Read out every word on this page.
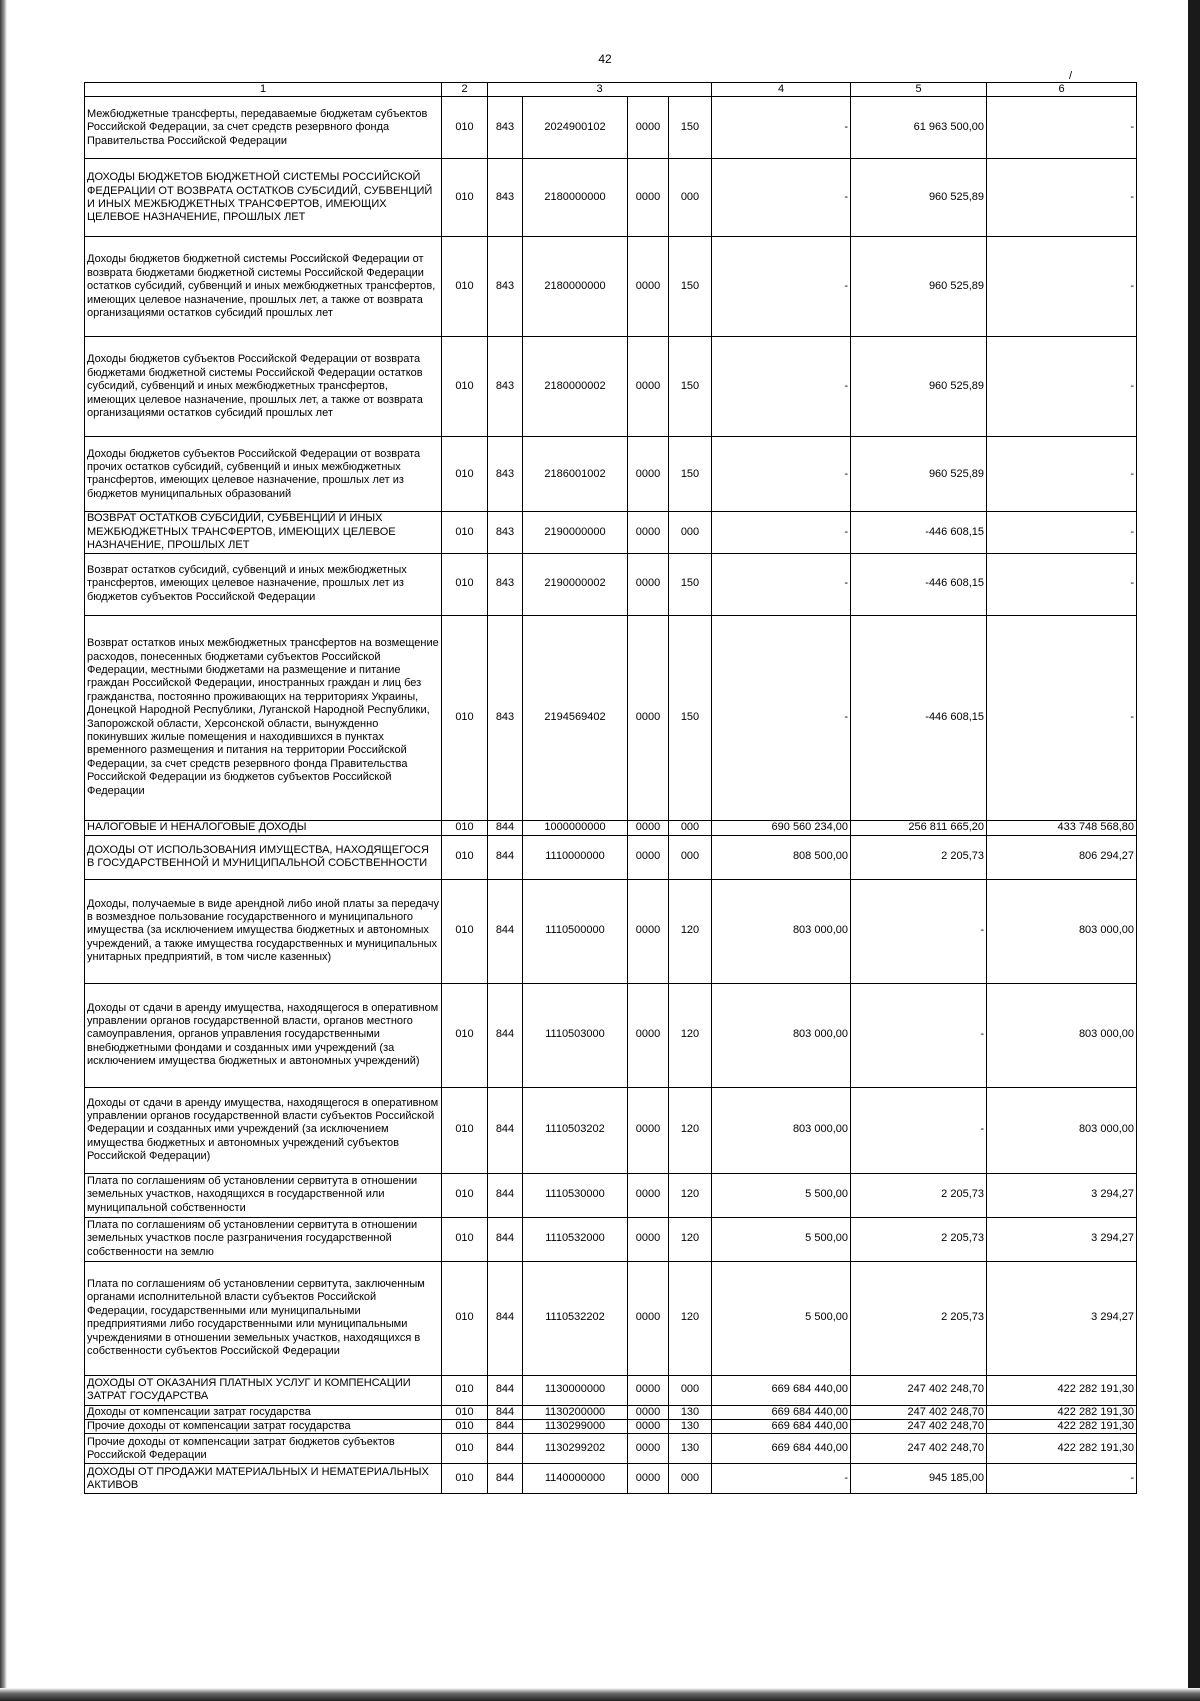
42
/
1	2	3				4	5	6
Межбюджетные трансферты, передаваемые бюджетам субъектов Российской Федерации, за счет средств резервного фонда Правительства Российской Федерации	010	843	2024900102	0000	150	-	61 963 500,00	-
ДОХОДЫ БЮДЖЕТОВ БЮДЖЕТНОЙ СИСТЕМЫ РОССИЙСКОЙ ФЕДЕРАЦИИ ОТ ВОЗВРАТА ОСТАТКОВ СУБСИДИЙ, СУБВЕНЦИЙ И ИНЫХ МЕЖБЮДЖЕТНЫХ ТРАНСФЕРТОВ, ИМЕЮЩИХ ЦЕЛЕВОЕ НАЗНАЧЕНИЕ, ПРОШЛЫХ ЛЕТ	010	843	2180000000	0000	000	-	960 525,89	-
Доходы бюджетов бюджетной системы Российской Федерации от возврата бюджетами бюджетной системы Российской Федерации остатков субсидий, субвенций и иных межбюджетных трансфертов, имеющих целевое назначение, прошлых лет, а также от возврата организациями остатков субсидий прошлых лет	010	843	2180000000	0000	150	-	960 525,89	-
Доходы бюджетов субъектов Российской Федерации от возврата бюджетами бюджетной системы Российской Федерации остатков субсидий, субвенций и иных межбюджетных трансфертов, имеющих целевое назначение, прошлых лет, а также от возврата организациями остатков субсидий прошлых лет	010	843	2180000002	0000	150	-	960 525,89	-
Доходы бюджетов субъектов Российской Федерации от возврата прочих остатков субсидий, субвенций и иных межбюджетных трансфертов, имеющих целевое назначение, прошлых лет из бюджетов муниципальных образований	010	843	2186001002	0000	150	-	960 525,89	-
ВОЗВРАТ ОСТАТКОВ СУБСИДИЙ, СУБВЕНЦИЙ И ИНЫХ МЕЖБЮДЖЕТНЫХ ТРАНСФЕРТОВ, ИМЕЮЩИХ ЦЕЛЕВОЕ НАЗНАЧЕНИЕ, ПРОШЛЫХ ЛЕТ	010	843	2190000000	0000	000	-	-446 608,15	-
Возврат остатков субсидий, субвенций и иных межбюджетных трансфертов, имеющих целевое назначение, прошлых лет из бюджетов субъектов Российской Федерации	010	843	2190000002	0000	150	-	-446 608,15	-
Возврат остатков иных межбюджетных трансфертов на возмещение расходов, понесенных бюджетами субъектов Российской Федерации, местными бюджетами на размещение и питание граждан Российской Федерации, иностранных граждан и лиц без гражданства, постоянно проживающих на территориях Украины, Донецкой Народной Республики, Луганской Народной Республики, Запорожской области, Херсонской области, вынужденно покинувших жилые помещения и находившихся в пунктах временного размещения и питания на территории Российской Федерации, за счет средств резервного фонда Правительства Российской Федерации из бюджетов субъектов Российской Федерации	010	843	2194569402	0000	150	-	-446 608,15	-
НАЛОГОВЫЕ И НЕНАЛОГОВЫЕ ДОХОДЫ	010	844	1000000000	0000	000	690 560 234,00	256 811 665,20	433 748 568,80
ДОХОДЫ ОТ ИСПОЛЬЗОВАНИЯ ИМУЩЕСТВА, НАХОДЯЩЕГОСЯ В ГОСУДАРСТВЕННОЙ И МУНИЦИПАЛЬНОЙ СОБСТВЕННОСТИ	010	844	1110000000	0000	000	808 500,00	2 205,73	806 294,27
Доходы, получаемые в виде арендной либо иной платы за передачу в возмездное пользование государственного и муниципального имущества (за исключением имущества бюджетных и автономных учреждений, а также имущества государственных и муниципальных унитарных предприятий, в том числе казенных)	010	844	1110500000	0000	120	803 000,00	-	803 000,00
Доходы от сдачи в аренду имущества, находящегося в оперативном управлении органов государственной власти, органов местного самоуправления, органов управления государственными внебюджетными фондами и созданных ими учреждений (за исключением имущества бюджетных и автономных учреждений)	010	844	1110503000	0000	120	803 000,00	-	803 000,00
Доходы от сдачи в аренду имущества, находящегося в оперативном управлении органов государственной власти субъектов Российской Федерации и созданных ими учреждений (за исключением имущества бюджетных и автономных учреждений субъектов Российской Федерации)	010	844	1110503202	0000	120	803 000,00	-	803 000,00
Плата по соглашениям об установлении сервитута в отношении земельных участков, находящихся в государственной или муниципальной собственности	010	844	1110530000	0000	120	5 500,00	2 205,73	3 294,27
Плата по соглашениям об установлении сервитута в отношении земельных участков после разграничения государственной собственности на землю	010	844	1110532000	0000	120	5 500,00	2 205,73	3 294,27
Плата по соглашениям об установлении сервитута, заключенным органами исполнительной власти субъектов Российской Федерации, государственными или муниципальными предприятиями либо государственными или муниципальными учреждениями в отношении земельных участков, находящихся в собственности субъектов Российской Федерации	010	844	1110532202	0000	120	5 500,00	2 205,73	3 294,27
ДОХОДЫ ОТ ОКАЗАНИЯ ПЛАТНЫХ УСЛУГ И КОМПЕНСАЦИИ ЗАТРАТ ГОСУДАРСТВА	010	844	1130000000	0000	000	669 684 440,00	247 402 248,70	422 282 191,30
Доходы от компенсации затрат государства	010	844	1130200000	0000	130	669 684 440,00	247 402 248,70	422 282 191,30
Прочие доходы от компенсации затрат государства	010	844	1130299000	0000	130	669 684 440,00	247 402 248,70	422 282 191,30
Прочие доходы от компенсации затрат бюджетов субъектов Российской Федерации	010	844	1130299202	0000	130	669 684 440,00	247 402 248,70	422 282 191,30
ДОХОДЫ ОТ ПРОДАЖИ МАТЕРИАЛЬНЫХ И НЕМАТЕРИАЛЬНЫХ АКТИВОВ	010	844	1140000000	0000	000	-	945 185,00	-
